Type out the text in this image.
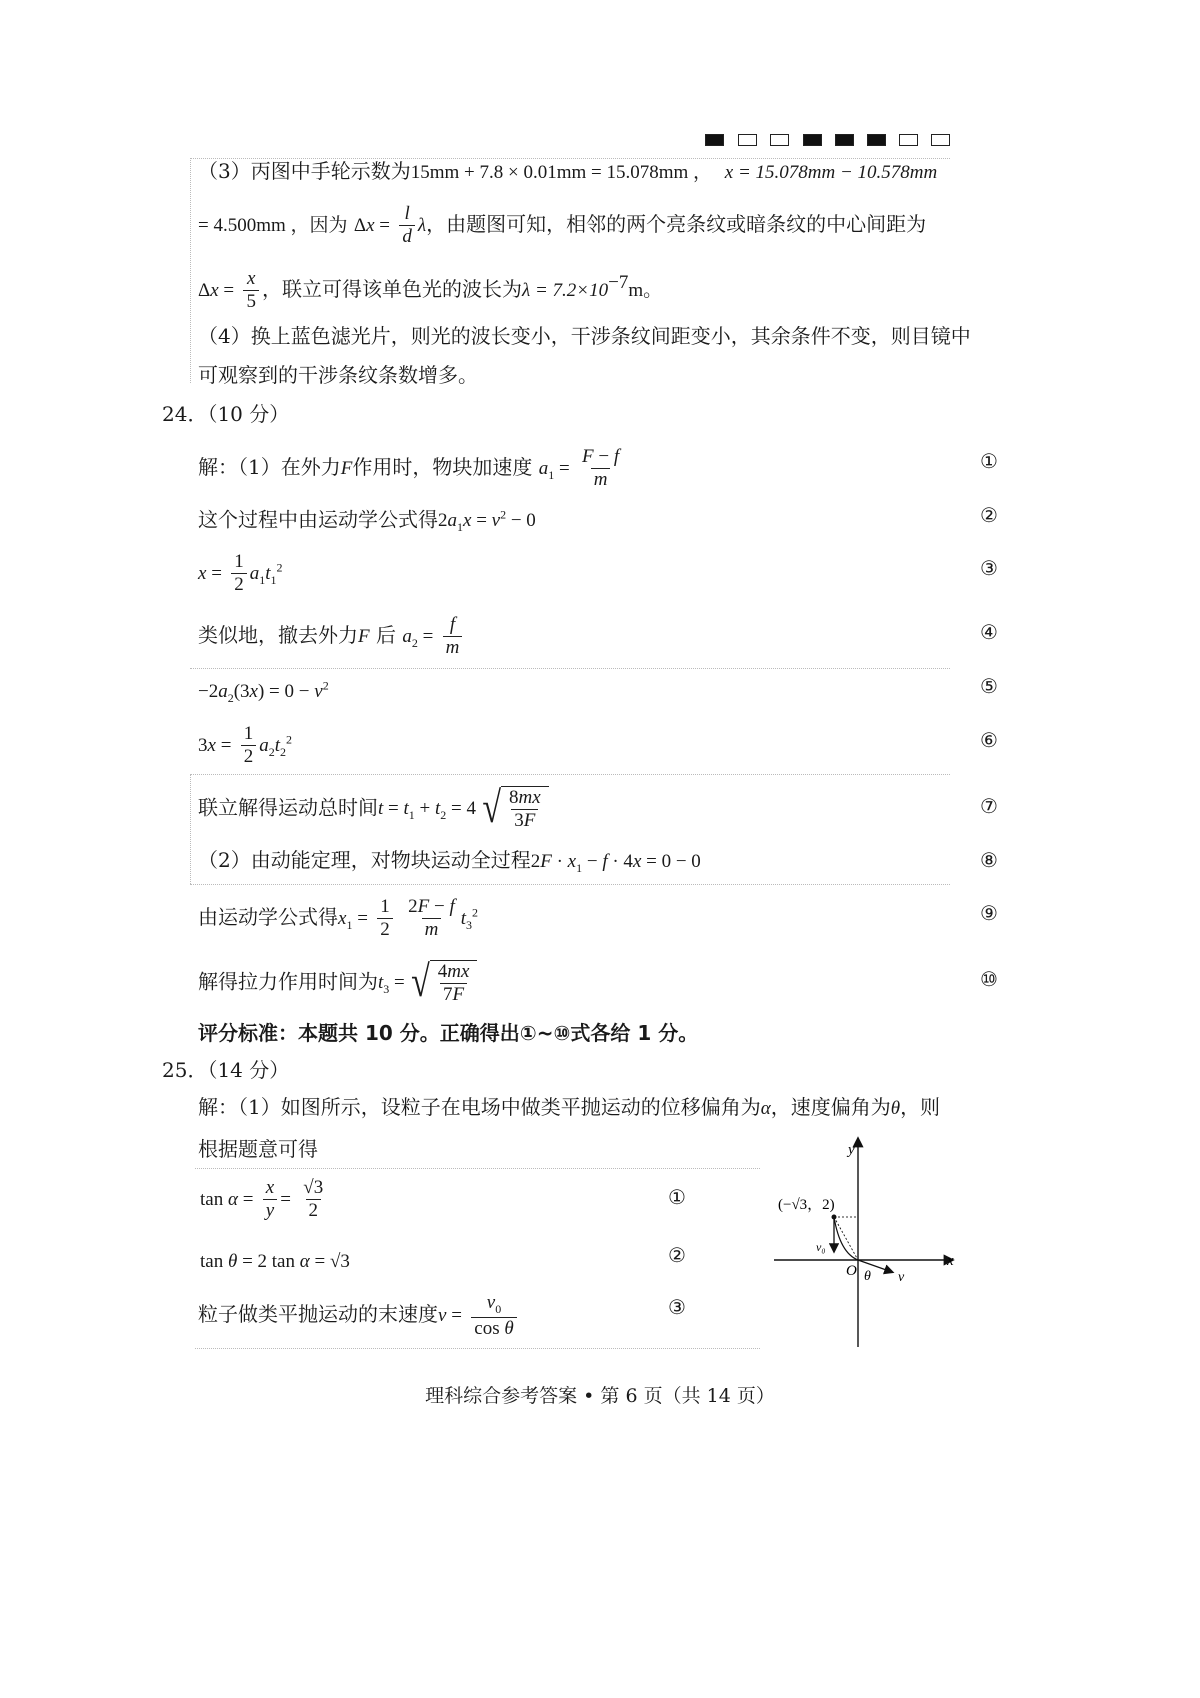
（3）丙图中手轮示数为15mm + 7.8 × 0.01mm = 15.078mm ， x = 15.078mm − 10.578mm
= 4.500mm ，因为 $\Delta x = \frac{l}{d}$ λ，由题图可知，相邻的两个亮条纹或暗条纹的中心间距为
$\Delta x = \frac{x}{5}$ ，联立可得该单色光的波长为$\lambda = 7.2\times 10^{-7}m$。
（4）换上蓝色滤光片，则光的波长变小，干涉条纹间距变小，其余条件不变，则目镜中
可观察到的干涉条纹条数增多。
24．（10 分）
解：（1）在外力F作用时，物块加速度 $a_1 = \frac{F - f}{m}$	①
这个过程中由运动学公式得$2a_1x = v^2 - 0$	②
$x = \frac{1}{2} a_1t_1^2$	③
类似地，撤去外力F 后 $a_2 = \frac{f}{m}$	④
$-2a_2(3x) = 0 - v^2$	⑤
$3x = \frac{1}{2} a_2t_2^2$	⑥
联立解得运动总时间$t = t_1 + t_2 = 4$ √ $\frac{8mx}{3F}$	⑦
（2）由动能定理，对物块运动全过程$2F \cdot x_1 - f \cdot 4x = 0 - 0$	⑧
由运动学公式得$x_1 = \frac{1}{2}$
$\frac{2F - f}{m} t_3^2$	⑨
解得拉力作用时间为$t_3$ = √ $\frac{4mx}{7F}$	⑩
评分标准：本题共 10 分。正确得出①~⑩式各给 1 分。
25．（14 分）
解：（1）如图所示，设粒子在电场中做类平抛运动的位移偏角为α，速度偏角为θ，则
根据题意可得
$\tan \alpha = \frac{x}{y} = \frac{√3}{2}$	①
tan θ = 2 tan α = √3	②
粒子做类平抛运动的末速度$v = \frac{v_0}{\text{cos θ}}$	③
y
x
(−√3，2)
v₀
O θ v
理科综合参考答案 • 第 6 页（共 14 页）
